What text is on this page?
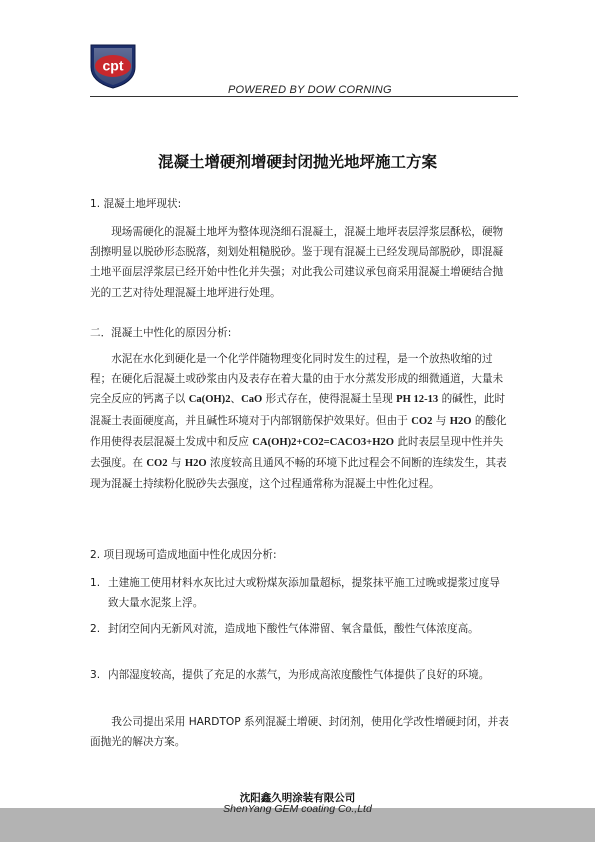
cpt
POWERED BY DOW CORNING
混凝土增硬剂增硬封闭抛光地坪施工方案
1. 混凝土地坪现状:
现场需硬化的混凝土地坪为整体现浇细石混凝土，混凝土地坪表层浮浆层酥松，硬物刮擦明显以脱砂形态脱落，刻划处粗糙脱砂。鉴于现有混凝土已经发现局部脱砂，即混凝土地平面层浮浆层已经开始中性化并失强；对此我公司建议承包商采用混凝土增硬结合抛光的工艺对待处理混凝土地坪进行处理。
二．混凝土中性化的原因分析:
水泥在水化到硬化是一个化学伴随物理变化同时发生的过程，是一个放热收缩的过程；在硬化后混凝土或砂浆由内及表存在着大量的由于水分蒸发形成的细微通道，大量未完全反应的钙离子以 Ca(OH)2、CaO 形式存在，使得混凝土呈现 PH 12-13 的碱性，此时混凝土表面硬度高，并且碱性环境对于内部钢筋保护效果好。但由于 CO2 与 H2O 的酸化作用使得表层混凝土发成中和反应 CA(OH)2+CO2=CACO3+H2O 此时表层呈现中性并失去强度。在 CO2 与 H2O 浓度较高且通风不畅的环境下此过程会不间断的连续发生，其表现为混凝土持续粉化脱砂失去强度，这个过程通常称为混凝土中性化过程。
2. 项目现场可造成地面中性化成因分析:
1. 土建施工使用材料水灰比过大或粉煤灰添加量超标，提浆抹平施工过晚或提浆过度导致大量水泥浆上浮。
2. 封闭空间内无新风对流，造成地下酸性气体滞留、氧含量低，酸性气体浓度高。
3. 内部湿度较高，提供了充足的水蒸气，为形成高浓度酸性气体提供了良好的环境。
我公司提出采用 HARDTOP 系列混凝土增硬、封闭剂，使用化学改性增硬封闭，并表面抛光的解决方案。
沈阳鑫久明涂装有限公司
ShenYang GEM coating Co.,Ltd
